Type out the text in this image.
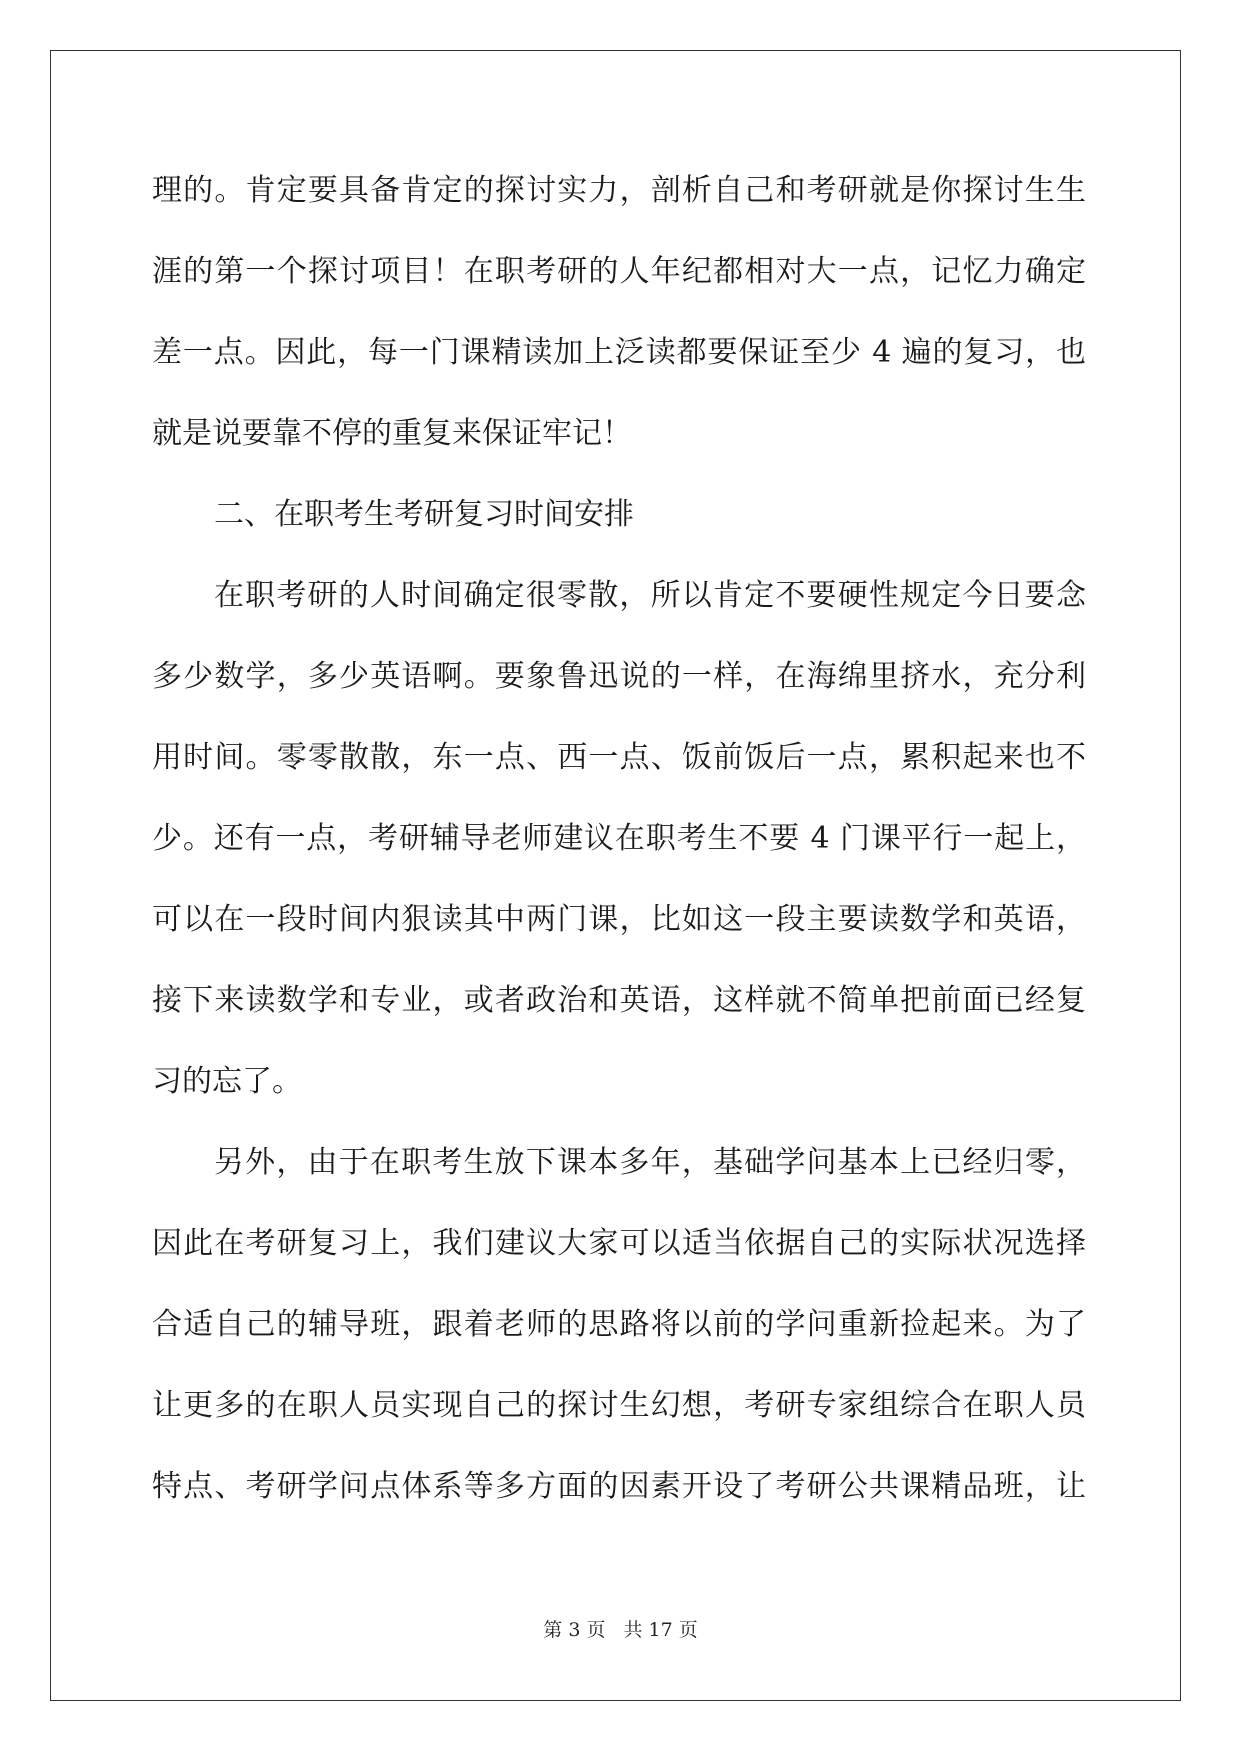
理的。肯定要具备肯定的探讨实力，剖析自己和考研就是你探讨生生
涯的第一个探讨项目！在职考研的人年纪都相对大一点，记忆力确定
差一点。因此，每一门课精读加上泛读都要保证至少 4 遍的复习，也
就是说要靠不停的重复来保证牢记！
二、在职考生考研复习时间安排
在职考研的人时间确定很零散，所以肯定不要硬性规定今日要念
多少数学，多少英语啊。要象鲁迅说的一样，在海绵里挤水，充分利
用时间。零零散散，东一点、西一点、饭前饭后一点，累积起来也不
少。还有一点，考研辅导老师建议在职考生不要 4 门课平行一起上，
可以在一段时间内狠读其中两门课，比如这一段主要读数学和英语，
接下来读数学和专业，或者政治和英语，这样就不简单把前面已经复
习的忘了。
另外，由于在职考生放下课本多年，基础学问基本上已经归零，
因此在考研复习上，我们建议大家可以适当依据自己的实际状况选择
合适自己的辅导班，跟着老师的思路将以前的学问重新捡起来。为了
让更多的在职人员实现自己的探讨生幻想，考研专家组综合在职人员
特点、考研学问点体系等多方面的因素开设了考研公共课精品班，让
第 3 页 共 17 页
